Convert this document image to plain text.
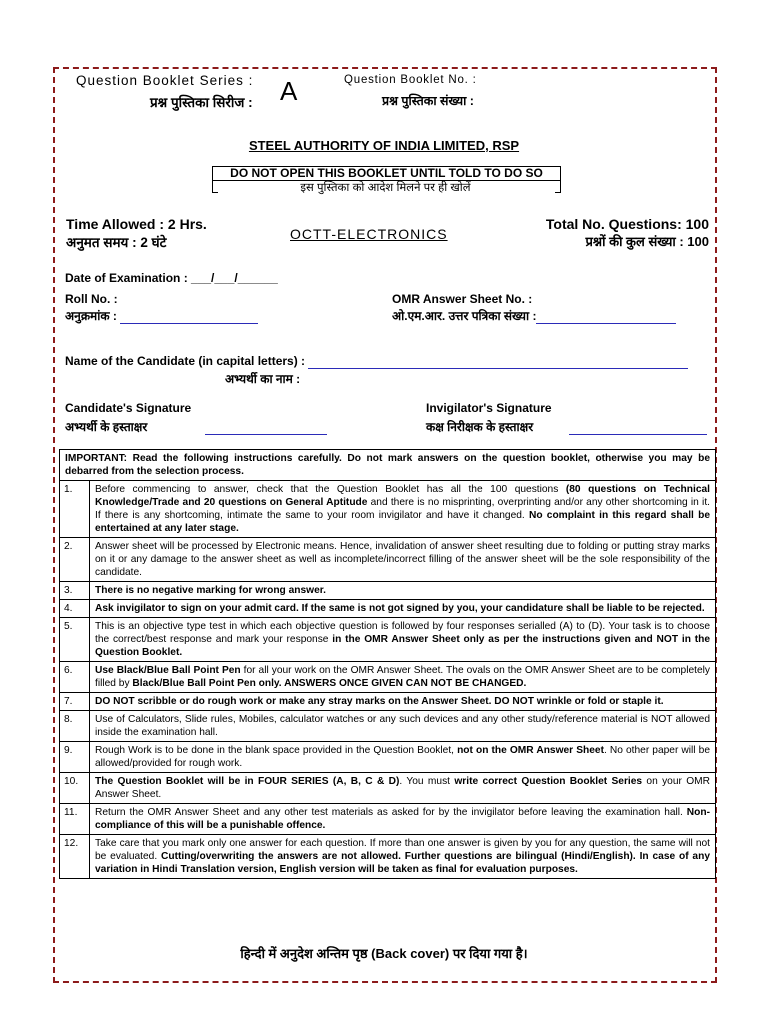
Question Booklet Series :
प्रश्न पुस्तिका सिरीज : A	Question Booklet No. :
प्रश्न पुस्तिका संख्या :
STEEL AUTHORITY OF INDIA LIMITED, RSP
DO NOT OPEN THIS BOOKLET UNTIL TOLD TO DO SO
इस पुस्तिका को आदेश मिलने पर ही खोलें
Time Allowed : 2 Hrs.
अनुमत समय : 2 घंटे
OCTT-ELECTRONICS
Total No. Questions: 100
प्रश्नों की कुल संख्या : 100
Date of Examination : ___/___/______
Roll No. :
अनुक्रमांक :
OMR Answer Sheet No. :
ओ.एम.आर. उत्तर पत्रिका संख्या :
Name of the Candidate (in capital letters) :
अभ्यर्थी का नाम :
Candidate's Signature
अभ्यर्थी के हस्ताक्षर
Invigilator's Signature
कक्ष निरीक्षक के हस्ताक्षर
IMPORTANT: Read the following instructions carefully. Do not mark answers on the question booklet, otherwise you may be debarred from the selection process.	
1.	Before commencing to answer, check that the Question Booklet has all the 100 questions (80 questions on Technical Knowledge/Trade and 20 questions on General Aptitude and there is no misprinting, overprinting and/or any other shortcoming in it. If there is any shortcoming, intimate the same to your room invigilator and have it changed. No complaint in this regard shall be entertained at any later stage.
2.	Answer sheet will be processed by Electronic means. Hence, invalidation of answer sheet resulting due to folding or putting stray marks on it or any damage to the answer sheet as well as incomplete/incorrect filling of the answer sheet will be the sole responsibility of the candidate.
3.	There is no negative marking for wrong answer.
4.	Ask invigilator to sign on your admit card. If the same is not got signed by you, your candidature shall be liable to be rejected.
5.	This is an objective type test in which each objective question is followed by four responses serialled (A) to (D). Your task is to choose the correct/best response and mark your response in the OMR Answer Sheet only as per the instructions given and NOT in the Question Booklet.
6.	Use Black/Blue Ball Point Pen for all your work on the OMR Answer Sheet. The ovals on the OMR Answer Sheet are to be completely filled by Black/Blue Ball Point Pen only. ANSWERS ONCE GIVEN CAN NOT BE CHANGED.
7.	DO NOT scribble or do rough work or make any stray marks on the Answer Sheet. DO NOT wrinkle or fold or staple it.
8.	Use of Calculators, Slide rules, Mobiles, calculator watches or any such devices and any other study/reference material is NOT allowed inside the examination hall.
9.	Rough Work is to be done in the blank space provided in the Question Booklet, not on the OMR Answer Sheet. No other paper will be allowed/provided for rough work.
10.	The Question Booklet will be in FOUR SERIES (A, B, C & D). You must write correct Question Booklet Series on your OMR Answer Sheet.
11.	Return the OMR Answer Sheet and any other test materials as asked for by the invigilator before leaving the examination hall. Non-compliance of this will be a punishable offence.
12.	Take care that you mark only one answer for each question. If more than one answer is given by you for any question, the same will not be evaluated. Cutting/overwriting the answers are not allowed. Further questions are bilingual (Hindi/English). In case of any variation in Hindi Translation version, English version will be taken as final for evaluation purposes.
हिन्दी में अनुदेश अन्तिम पृष्ठ (Back cover) पर दिया गया है।
